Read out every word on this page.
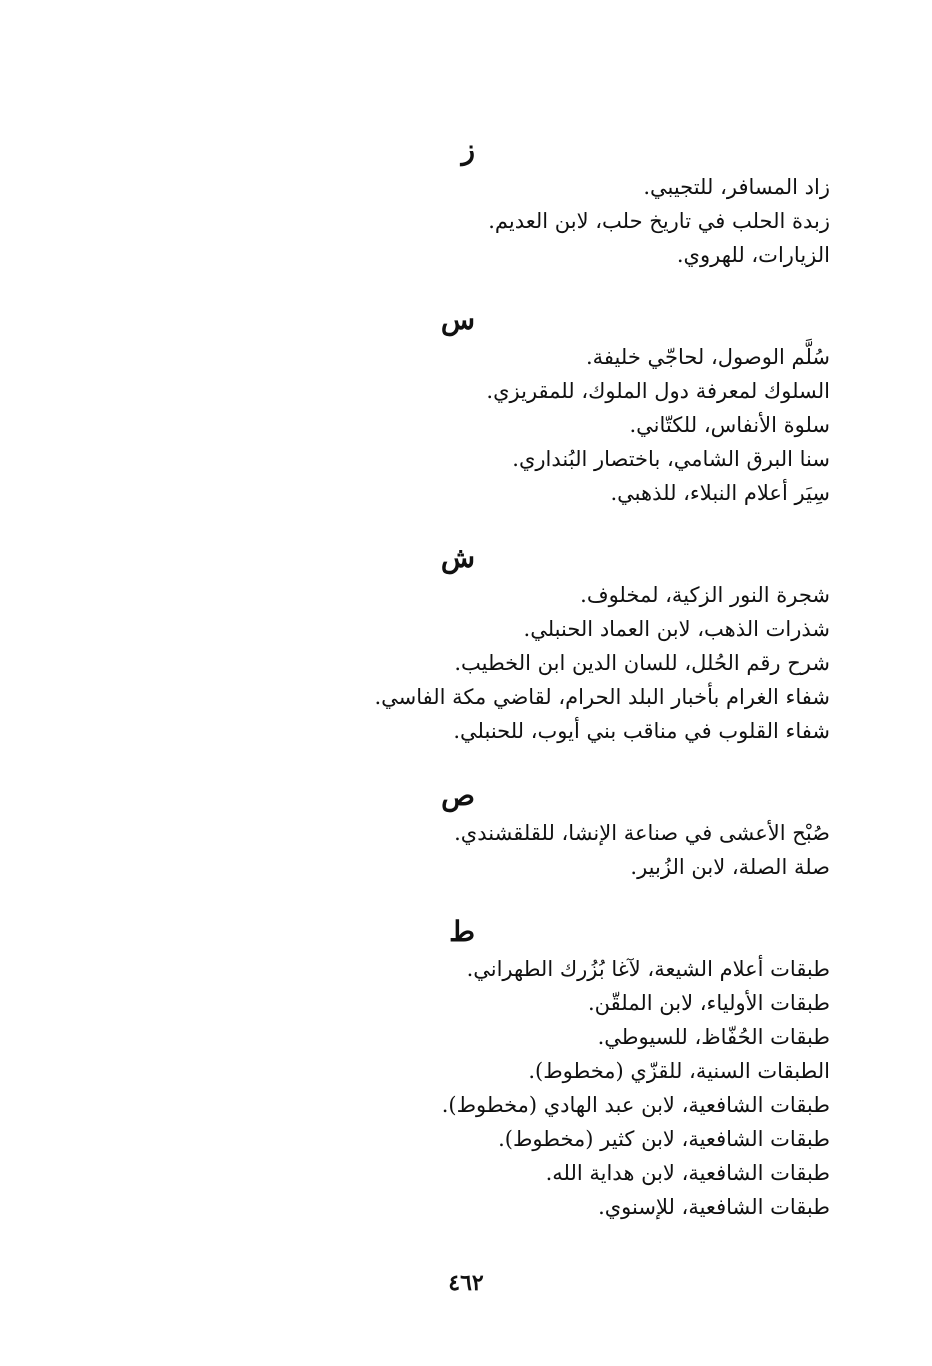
ز
زاد المسافر، للتجيبي.
زبدة الحلب في تاريخ حلب، لابن العديم.
الزيارات، للهروي.
س
سُلَّم الوصول، لحاجّي خليفة.
السلوك لمعرفة دول الملوك، للمقريزي.
سلوة الأنفاس، للكتّاني.
سنا البرق الشامي، باختصار البُنداري.
سِيَر أعلام النبلاء، للذهبي.
ش
شجرة النور الزكية، لمخلوف.
شذرات الذهب، لابن العماد الحنبلي.
شرح رقم الحُلل، للسان الدين ابن الخطيب.
شفاء الغرام بأخبار البلد الحرام، لقاضي مكة الفاسي.
شفاء القلوب في مناقب بني أيوب، للحنبلي.
ص
صُبْح الأعشى في صناعة الإنشا، للقلقشندي.
صلة الصلة، لابن الزُبير.
ط
طبقات أعلام الشيعة، لآغا بُزُرك الطهراني.
طبقات الأولياء، لابن الملقّن.
طبقات الحُفّاظ، للسيوطي.
الطبقات السنية، للقزّي (مخطوط).
طبقات الشافعية، لابن عبد الهادي (مخطوط).
طبقات الشافعية، لابن كثير (مخطوط).
طبقات الشافعية، لابن هداية الله.
طبقات الشافعية، للإسنوي.
٤٦٢
